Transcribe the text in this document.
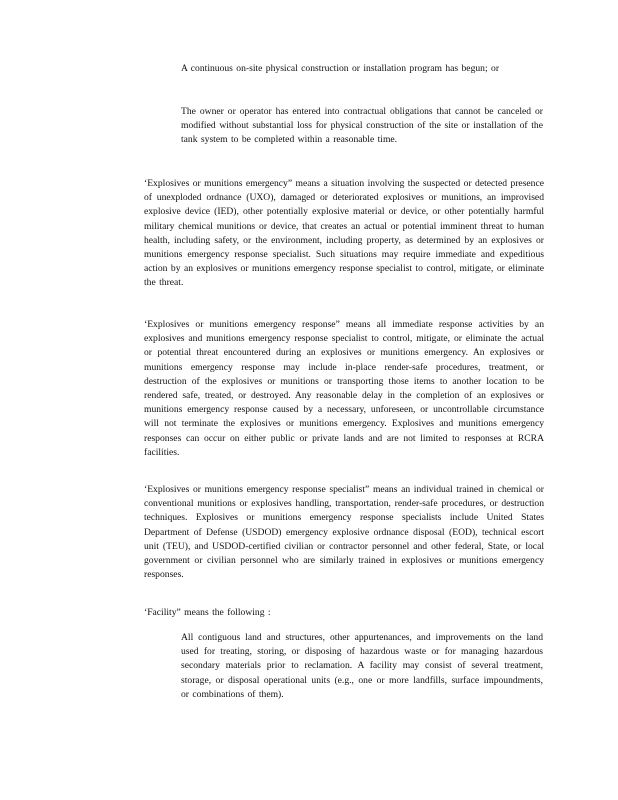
A continuous on-site physical construction or installation program has begun; or

The owner or operator has entered into contractual obligations that cannot be canceled or modified without substantial loss for physical construction of the site or installation of the tank system to be completed within a reasonable time.

‘Explosives or munitions emergency” means a situation involving the suspected or detected presence of unexploded ordnance (UXO), damaged or deteriorated explosives or munitions, an improvised explosive device (IED), other potentially explosive material or device, or other potentially harmful military chemical munitions or device, that creates an actual or potential imminent threat to human health, including safety, or the environment, including property, as determined by an explosives or munitions emergency response specialist. Such situations may require immediate and expeditious action by an explosives or munitions emergency response specialist to control, mitigate, or eliminate the threat.

‘Explosives or munitions emergency response” means all immediate response activities by an explosives and munitions emergency response specialist to control, mitigate, or eliminate the actual or potential threat encountered during an explosives or munitions emergency. An explosives or munitions emergency response may include in-place render-safe procedures, treatment, or destruction of the explosives or munitions or transporting those items to another location to be rendered safe, treated, or destroyed. Any reasonable delay in the completion of an explosives or munitions emergency response caused by a necessary, unforeseen, or uncontrollable circumstance will not terminate the explosives or munitions emergency. Explosives and munitions emergency responses can occur on either public or private lands and are not limited to responses at RCRA facilities.

‘Explosives or munitions emergency response specialist” means an individual trained in chemical or conventional munitions or explosives handling, transportation, render-safe procedures, or destruction techniques. Explosives or munitions emergency response specialists include United States Department of Defense (USDOD) emergency explosive ordnance disposal (EOD), technical escort unit (TEU), and USDOD-certified civilian or contractor personnel and other federal, State, or local government or civilian personnel who are similarly trained in explosives or munitions emergency responses.

‘Facility” means the following :

All contiguous land and structures, other appurtenances, and improvements on the land used for treating, storing, or disposing of hazardous waste or for managing hazardous secondary materials prior to reclamation. A facility may consist of several treatment, storage, or disposal operational units (e.g., one or more landfills, surface impoundments, or combinations of them).
